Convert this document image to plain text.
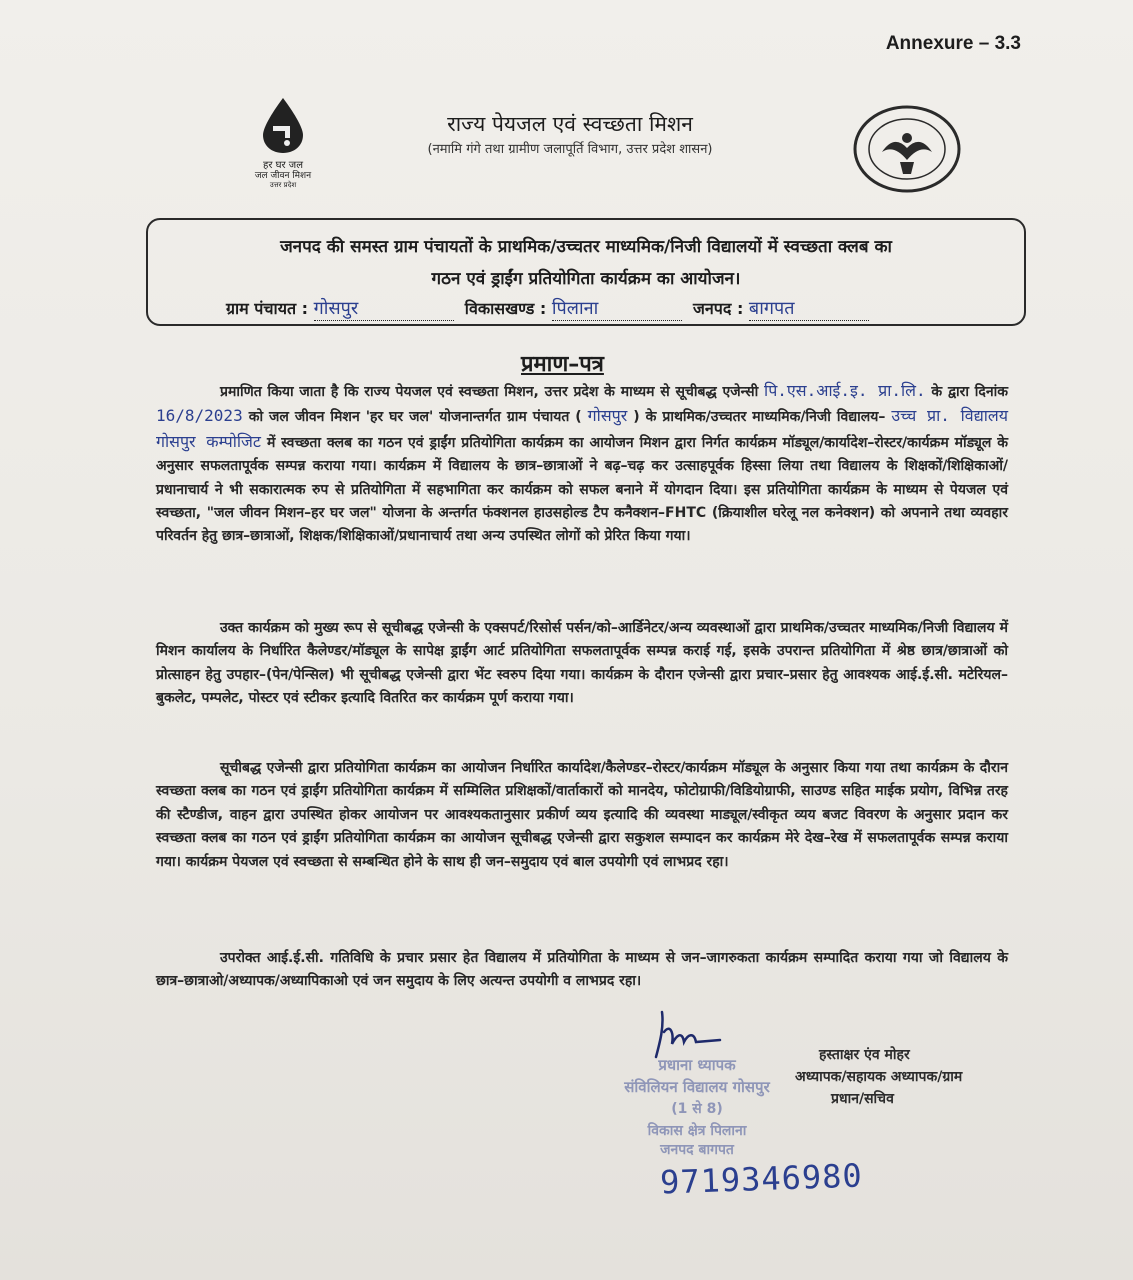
Annexure – 3.3
हर घर जल
जल जीवन मिशन
उत्तर प्रदेश
राज्य पेयजल एवं स्वच्छता मिशन
(नमामि गंगे तथा ग्रामीण जलापूर्ति विभाग, उत्तर प्रदेश शासन)
जनपद की समस्त ग्राम पंचायतों के प्राथमिक/उच्चतर माध्यमिक/निजी विद्यालयों में स्वच्छता क्लब का
गठन एवं ड्राईंग प्रतियोगिता कार्यक्रम का आयोजन।
ग्राम पंचायत : गोसपुर	विकासखण्ड : पिलाना	जनपद : बागपत
प्रमाण–पत्र
प्रमाणित किया जाता है कि राज्य पेयजल एवं स्वच्छता मिशन, उत्तर प्रदेश के माध्यम से सूचीबद्ध एजेन्सी पि.एस.आई.इ. प्रा.लि. के द्वारा दिनांक 16/8/2023 को जल जीवन मिशन 'हर घर जल' योजनान्तर्गत ग्राम पंचायत ( गोसपुर ) के प्राथमिक/उच्चतर माध्यमिक/निजी विद्यालय– उच्च प्रा. विद्यालय गोसपुर कम्पोजिट में स्वच्छता क्लब का गठन एवं ड्राईंग प्रतियोगिता कार्यक्रम का आयोजन मिशन द्वारा निर्गत कार्यक्रम मॉड्यूल/कार्यादेश–रोस्टर/कार्यक्रम मॉड्यूल के अनुसार सफलतापूर्वक सम्पन्न कराया गया। कार्यक्रम में विद्यालय के छात्र–छात्राओं ने बढ़–चढ़ कर उत्साहपूर्वक हिस्सा लिया तथा विद्यालय के शिक्षकों/शिक्षिकाओं/प्रधानाचार्य ने भी सकारात्मक रुप से प्रतियोगिता में सहभागिता कर कार्यक्रम को सफल बनाने में योगदान दिया। इस प्रतियोगिता कार्यक्रम के माध्यम से पेयजल एवं स्वच्छता, "जल जीवन मिशन–हर घर जल" योजना के अन्तर्गत फंक्शनल हाउसहोल्ड टैप कनैक्शन–FHTC (क्रियाशील घरेलू नल कनेक्शन) को अपनाने तथा व्यवहार परिवर्तन हेतु छात्र–छात्राओं, शिक्षक/शिक्षिकाओं/प्रधानाचार्य तथा अन्य उपस्थित लोगों को प्रेरित किया गया।
उक्त कार्यक्रम को मुख्य रूप से सूचीबद्ध एजेन्सी के एक्सपर्ट/रिसोर्स पर्सन/को–आर्डिनेटर/अन्य व्यवस्थाओं द्वारा प्राथमिक/उच्चतर माध्यमिक/निजी विद्यालय में मिशन कार्यालय के निर्धारित कैलेण्डर/मॉड्यूल के सापेक्ष ड्राईंग आर्ट प्रतियोगिता सफलतापूर्वक सम्पन्न कराई गई, इसके उपरान्त प्रतियोगिता में श्रेष्ठ छात्र/छात्राओं को प्रोत्साहन हेतु उपहार–(पेन/पेन्सिल) भी सूचीबद्ध एजेन्सी द्वारा भेंट स्वरुप दिया गया। कार्यक्रम के दौरान एजेन्सी द्वारा प्रचार–प्रसार हेतु आवश्यक आई.ई.सी. मटेरियल–बुकलेट, पम्पलेट, पोस्टर एवं स्टीकर इत्यादि वितरित कर कार्यक्रम पूर्ण कराया गया।
सूचीबद्ध एजेन्सी द्वारा प्रतियोगिता कार्यक्रम का आयोजन निर्धारित कार्यादेश/कैलेण्डर–रोस्टर/कार्यक्रम मॉड्यूल के अनुसार किया गया तथा कार्यक्रम के दौरान स्वच्छता क्लब का गठन एवं ड्राईंग प्रतियोगिता कार्यक्रम में सम्मिलित प्रशिक्षकों/वार्ताकारों को मानदेय, फोटोग्राफी/विडियोग्राफी, साउण्ड सहित माईक प्रयोग, विभिन्न तरह की स्टैण्डीज, वाहन द्वारा उपस्थित होकर आयोजन पर आवश्यकतानुसार प्रकीर्ण व्यय इत्यादि की व्यवस्था माड्यूल/स्वीकृत व्यय बजट विवरण के अनुसार प्रदान कर स्वच्छता क्लब का गठन एवं ड्राईंग प्रतियोगिता कार्यक्रम का आयोजन सूचीबद्ध एजेन्सी द्वारा सकुशल सम्पादन कर कार्यक्रम मेरे देख–रेख में सफलतापूर्वक सम्पन्न कराया गया। कार्यक्रम पेयजल एवं स्वच्छता से सम्बन्धित होने के साथ ही जन–समुदाय एवं बाल उपयोगी एवं लाभप्रद रहा।
उपरोक्त आई.ई.सी. गतिविधि के प्रचार प्रसार हेत विद्यालय में प्रतियोगिता के माध्यम से जन–जागरुकता कार्यक्रम सम्पादित कराया गया जो विद्यालय के छात्र–छात्राओ/अध्यापक/अध्यापिकाओ एवं जन समुदाय के लिए अत्यन्त उपयोगी व लाभप्रद रहा।
प्रधाना ध्यापक
संविलियन विद्यालय गोसपुर
(1 से 8)
विकास क्षेत्र पिलाना
जनपद बागपत
हस्ताक्षर एंव मोहर
अध्यापक/सहायक अध्यापक/ग्राम
प्रधान/सचिव
9719346980
